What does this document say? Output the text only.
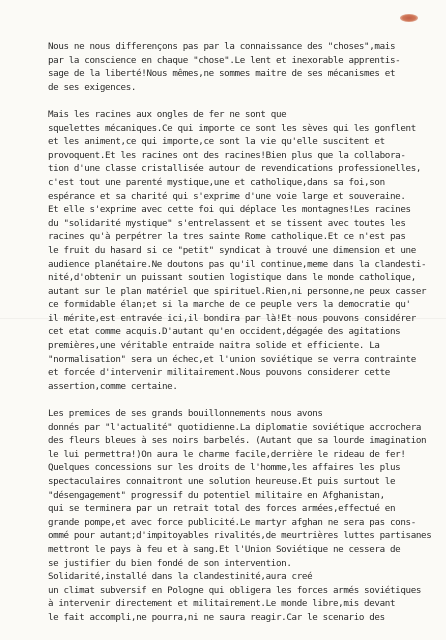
Nous ne nous differençons pas par la connaissance des "choses",mais
par la conscience en chaque "chose".Le lent et inexorable apprentis-
sage de la liberté!Nous mêmes,ne sommes maitre de ses mécanismes et
de ses exigences.
Mais les racines aux ongles de fer ne sont que
squelettes mécaniques.Ce qui importe ce sont les sèves qui les gonflent
et les animent,ce qui importe,ce sont la vie qu'elle suscitent et
provoquent.Et les racines ont des racines!Bien plus que la collabora-
tion d'une classe cristallisée autour de revendications professionelles,
c'est tout une parenté mystique,une et catholique,dans sa foi,son
espérance et sa charité qui s'exprime d'une voie large et souveraine.
Et elle s'exprime avec cette foi qui déplace les montagnes!Les racines
du "solidarité mystique" s'entrelassent et se tissent avec toutes les
racines qu'à perpétrer la tres sainte Rome catholique.Et ce n'est pas
le fruit du hasard si ce "petit" syndicat à trouvé une dimension et une
audience planétaire.Ne doutons pas qu'il continue,meme dans la clandesti-
nité,d'obtenir un puissant soutien logistique dans le monde catholique,
autant sur le plan matériel que spirituel.Rien,ni personne,ne peux casser
ce formidable élan;et si la marche de ce peuple vers la democratie qu'
il mérite,est entravée ici,il bondira par là!Et nous pouvons considérer
cet etat comme acquis.D'autant qu'en occident,dégagée des agitations
premières,une véritable entraide naitra solide et efficiente. La
"normalisation" sera un échec,et l'union soviétique se verra contrainte
et forcée d'intervenir militairement.Nous pouvons considerer cette
assertion,comme certaine.
Les premices de ses grands bouillonnements nous avons
donnés par "l'actualité" quotidienne.La diplomatie soviétique accrochera
des fleurs bleues à ses noirs barbelés. (Autant que sa lourde imagination
le lui permettra!)On aura le charme facile,derrière le rideau de fer!
Quelques concessions sur les droits de l'homme,les affaires les plus
spectaculaires connaitront une solution heureuse.Et puis surtout le
"désengagement" progressif du potentiel militaire en Afghanistan,
qui se terminera par un retrait total des forces armées,effectué en
grande pompe,et avec force publicité.Le martyr afghan ne sera pas cons-
ommé pour autant;d'impitoyables rivalités,de meurtrières luttes partisanes
mettront le pays à feu et à sang.Et l'Union Soviétique ne cessera de
se justifier du bien fondé de son intervention.
Solidarité,installé dans la clandestinité,aura creé
un climat subversif en Pologne qui obligera les forces armés soviétiques
à intervenir directement et militairement.Le monde libre,mis devant
le fait accompli,ne pourra,ni ne saura reagir.Car le scenario des
